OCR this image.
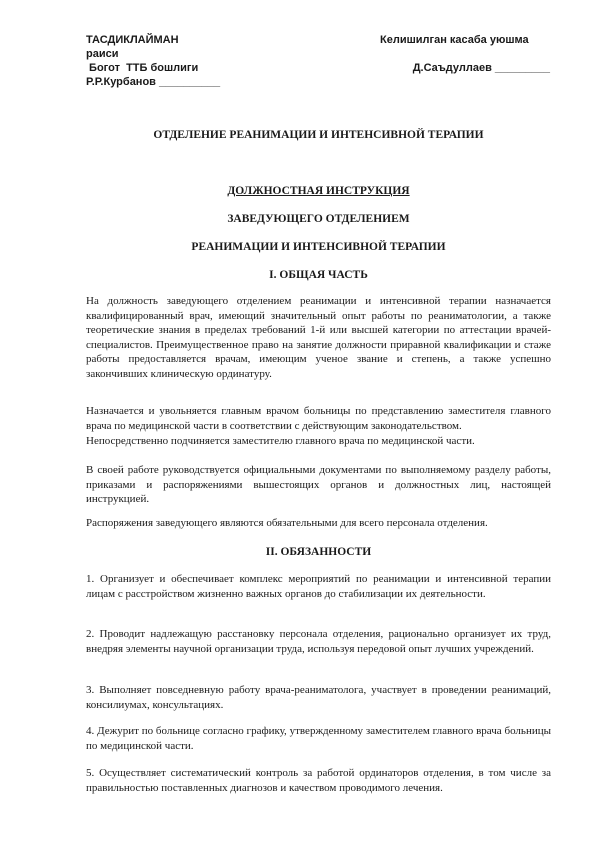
ТАСДИКЛАЙМАН
раиси
Богот  ТТБ бошлиги
Р.Р.Курбанов __________
Келишилган касаба уюшма
Д.Саъдуллаев _________
ОТДЕЛЕНИЕ РЕАНИМАЦИИ И ИНТЕНСИВНОЙ ТЕРАПИИ
ДОЛЖНОСТНАЯ ИНСТРУКЦИЯ
ЗАВЕДУЮЩЕГО ОТДЕЛЕНИЕМ
РЕАНИМАЦИИ И ИНТЕНСИВНОЙ ТЕРАПИИ
I. ОБЩАЯ ЧАСТЬ
На должность заведующего отделением реанимации и интенсивной терапии назначается квалифицированный врач, имеющий значительный опыт работы по реаниматологии, а также теоретические знания в пределах требований 1-й или высшей категории по аттестации врачей-специалистов. Преимущественное право на занятие должности приравной квалификации и стаже работы предоставляется врачам, имеющим ученое звание и степень, а также успешно закончивших клиническую ординатуру.
Назначается и увольняется главным врачом больницы по представлению заместителя главного врача по медицинской части в соответствии с действующим законодательством.
Непосредственно подчиняется заместителю главного врача по медицинской части.
В своей работе руководствуется официальными документами по выполняемому разделу работы, приказами и распоряжениями вышестоящих органов и должностных лиц, настоящей инструкцией.
Распоряжения заведующего являются обязательными для всего персонала отделения.
II. ОБЯЗАННОСТИ
1. Организует и обеспечивает комплекс мероприятий по реанимации и интенсивной терапии лицам с расстройством жизненно важных органов до стабилизации их деятельности.
2. Проводит надлежащую расстановку персонала отделения, рационально организует их труд, внедряя элементы научной организации труда, используя передовой опыт лучших учреждений.
3. Выполняет повседневную работу врача-реаниматолога, участвует в проведении реанимаций, консилиумах, консультациях.
4. Дежурит по больнице согласно графику, утвержденному заместителем главного врача больницы по медицинской части.
5. Осуществляет систематический контроль за работой ординаторов отделения, в том числе за правильностью поставленных диагнозов и качеством проводимого лечения.
